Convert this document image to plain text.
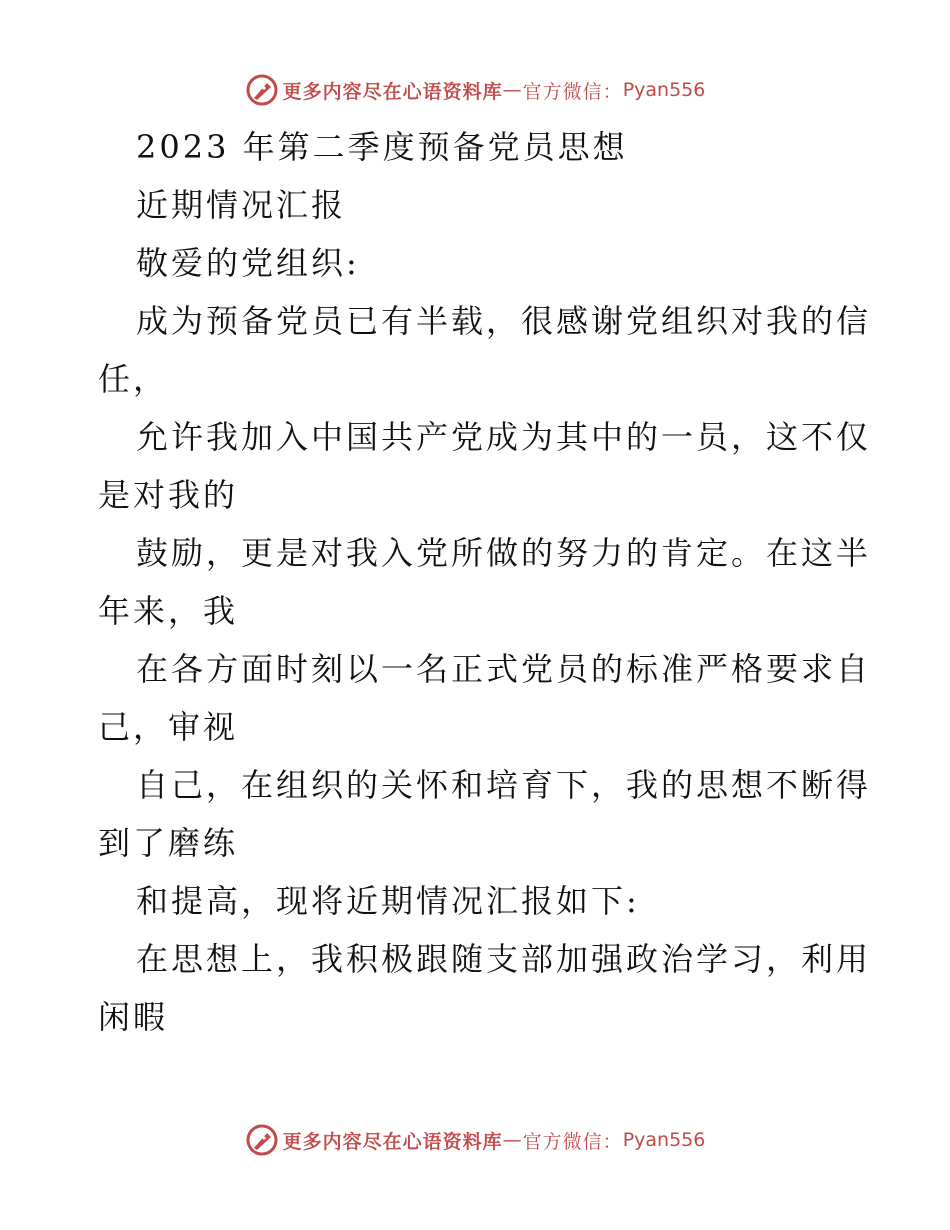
更多内容尽在心语资料库 — 官方微信： Pyan556
2023 年第二季度预备党员思想
近期情况汇报
敬爱的党组织:
成为预备党员已有半载，很感谢党组织对我的信
任，
允许我加入中国共产党成为其中的一员，这不仅
是对我的
鼓励，更是对我入党所做的努力的肯定。在这半
年来，我
在各方面时刻以一名正式党员的标准严格要求自
己，审视
自己，在组织的关怀和培育下，我的思想不断得
到了磨练
和提高，现将近期情况汇报如下:
在思想上，我积极跟随支部加强政治学习，利用
闲暇
更多内容尽在心语资料库 — 官方微信： Pyan556
